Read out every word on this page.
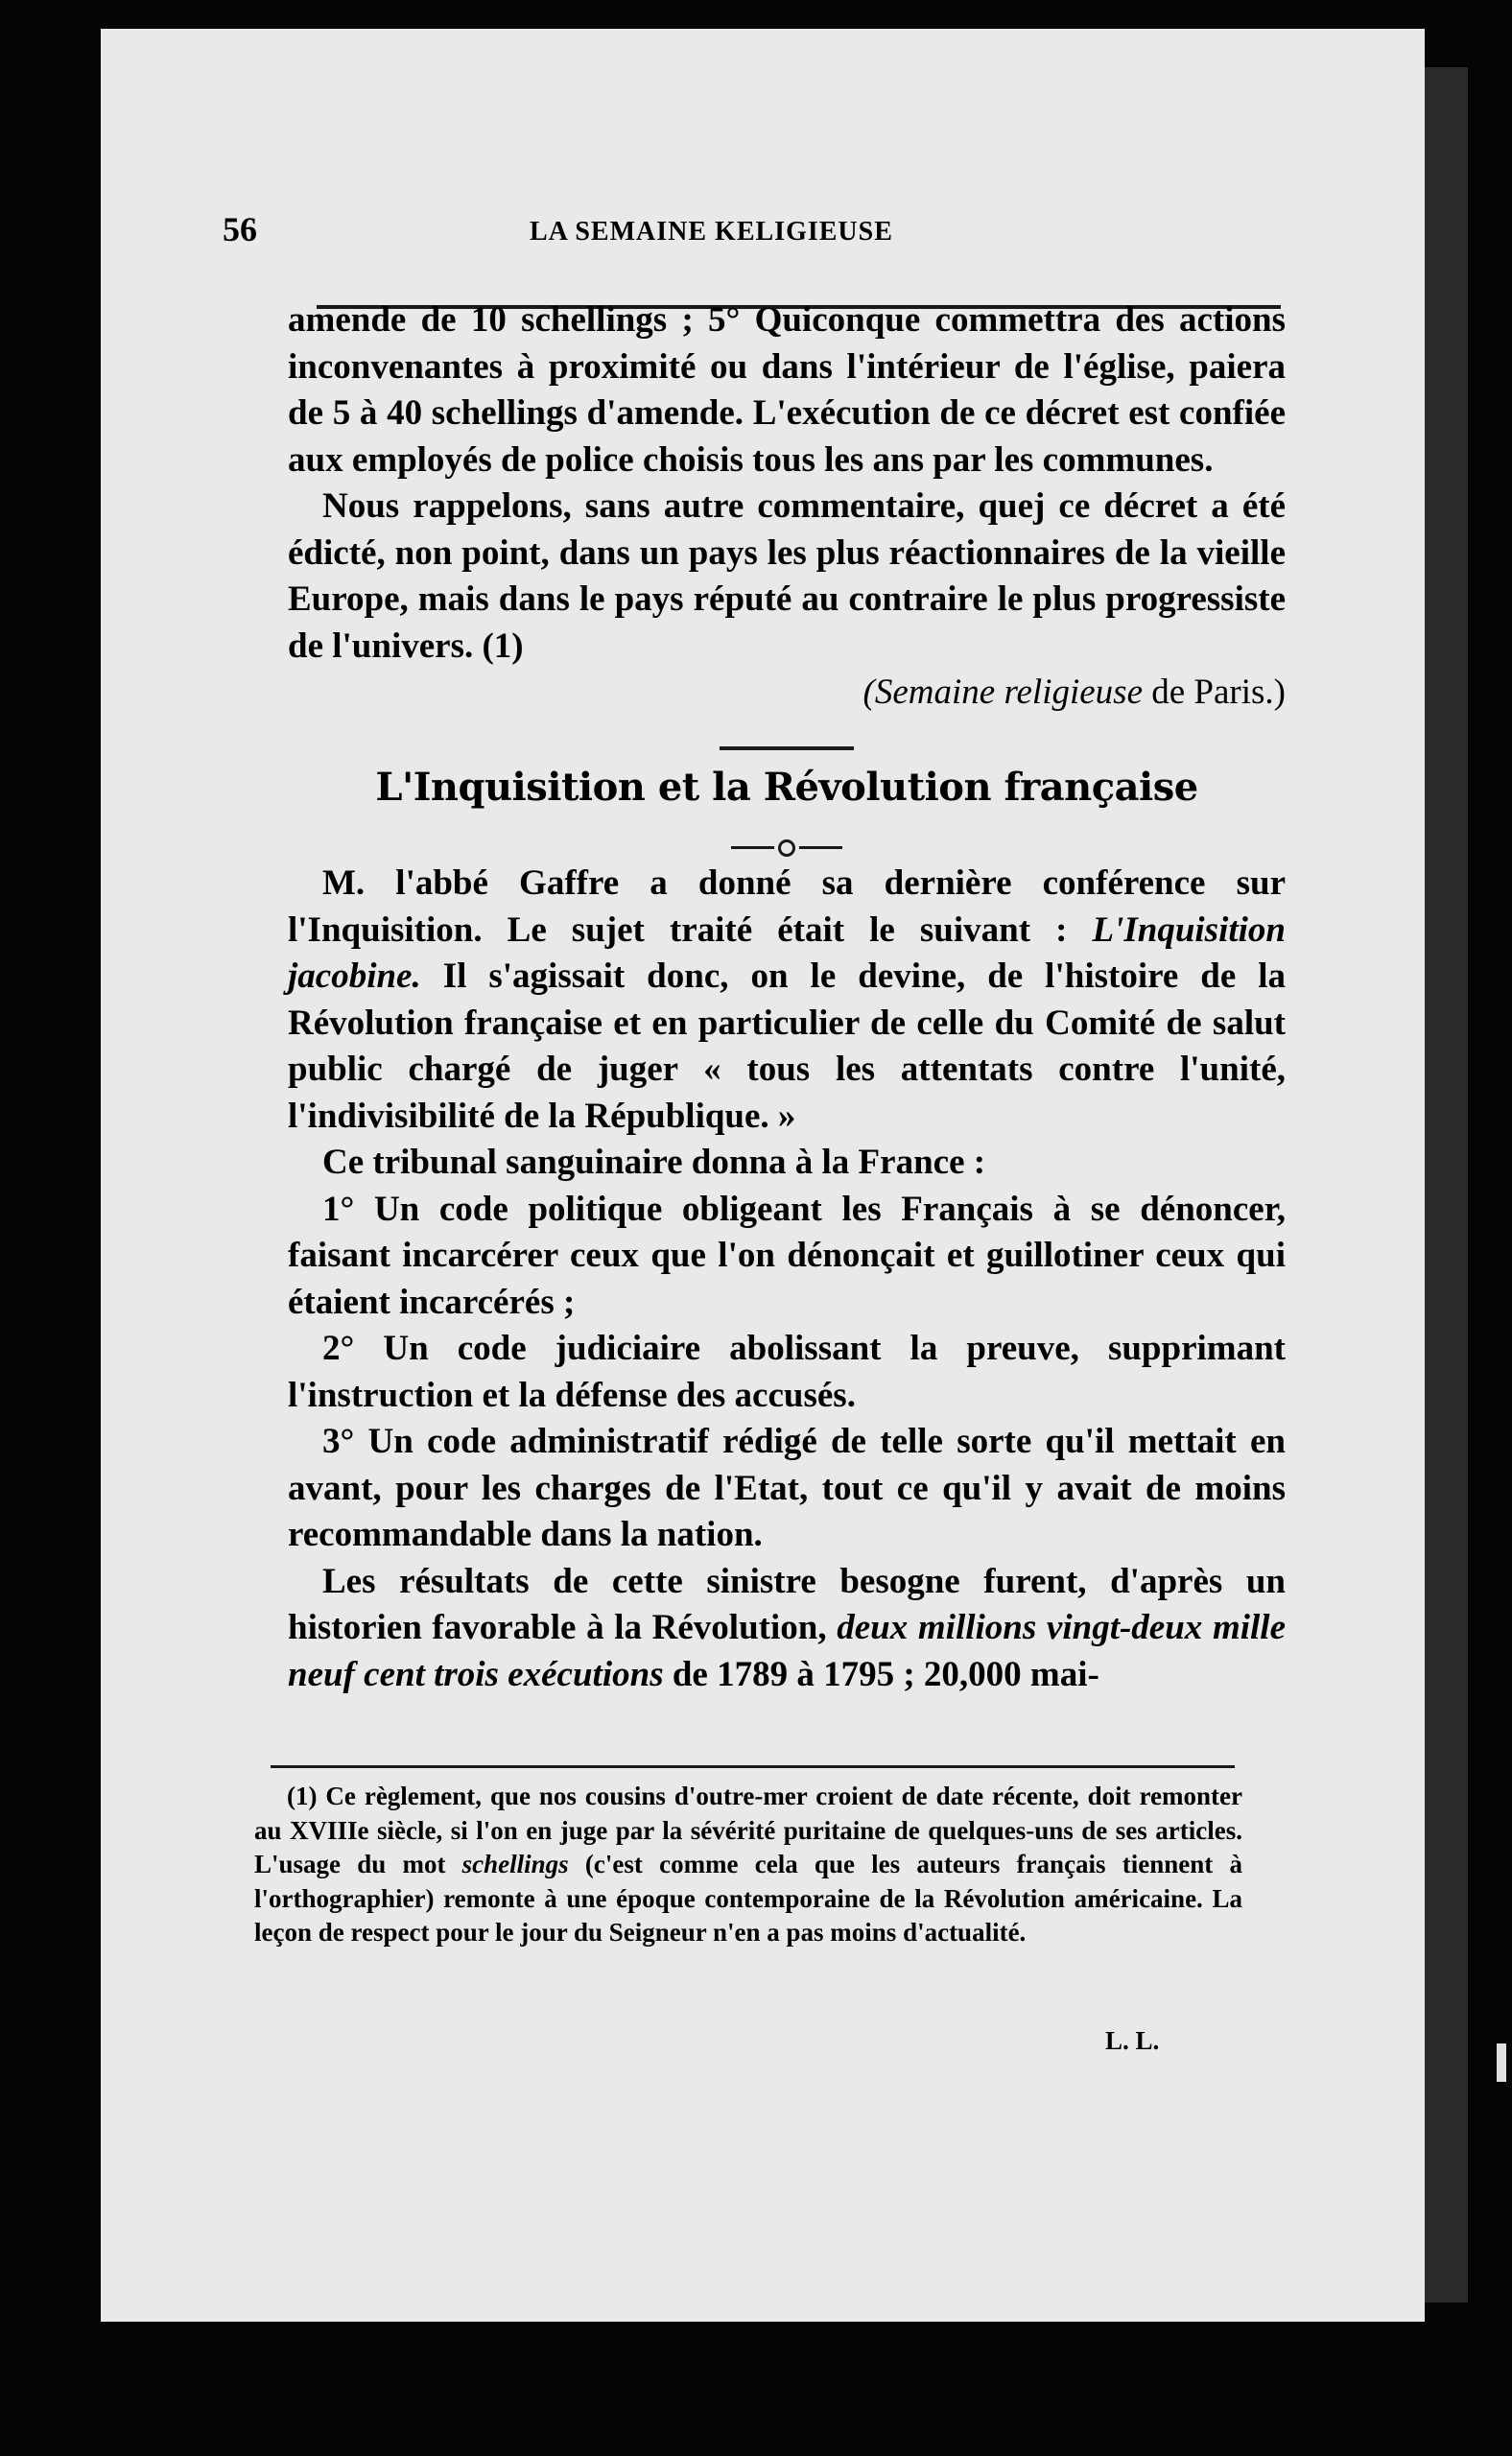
56	LA SEMAINE KELIGIEUSE

amende de 10 schellings ; 5° Quiconque commettra des actions inconvenantes à proximité ou dans l'intérieur de l'église, paiera de 5 à 40 schellings d'amende. L'exécution de ce décret est confiée aux employés de police choisis tous les ans par les communes.

Nous rappelons, sans autre commentaire, quej ce décret a été édicté, non point, dans un pays les plus réactionnaires de la vieille Europe, mais dans le pays réputé au contraire le plus progressiste de l'univers. (1)

(Semaine religieuse de Paris.)

L'Inquisition et la Révolution française

M. l'abbé Gaffre a donné sa dernière conférence sur l'Inquisition. Le sujet traité était le suivant : L'Inquisition jacobine. Il s'agissait donc, on le devine, de l'histoire de la Révolution française et en particulier de celle du Comité de salut public chargé de juger « tous les attentats contre l'unité, l'indivisibilité de la République. »

Ce tribunal sanguinaire donna à la France :

1° Un code politique obligeant les Français à se dénoncer, faisant incarcérer ceux que l'on dénonçait et guillotiner ceux qui étaient incarcérés ;

2° Un code judiciaire abolissant la preuve, supprimant l'instruction et la défense des accusés.

3° Un code administratif rédigé de telle sorte qu'il mettait en avant, pour les charges de l'Etat, tout ce qu'il y avait de moins recommandable dans la nation.

Les résultats de cette sinistre besogne furent, d'après un historien favorable à la Révolution, deux millions vingt-deux mille neuf cent trois exécutions de 1789 à 1795 ; 20,000 mai-

(1) Ce règlement, que nos cousins d'outre-mer croient de date récente, doit remonter au XVIIIe siècle, si l'on en juge par la sévérité puritaine de quelques-uns de ses articles. L'usage du mot schellings (c'est comme cela que les auteurs français tiennent à l'orthographier) remonte à une époque contemporaine de la Révolution américaine. La leçon de respect pour le jour du Seigneur n'en a pas moins d'actualité.

L. L.
